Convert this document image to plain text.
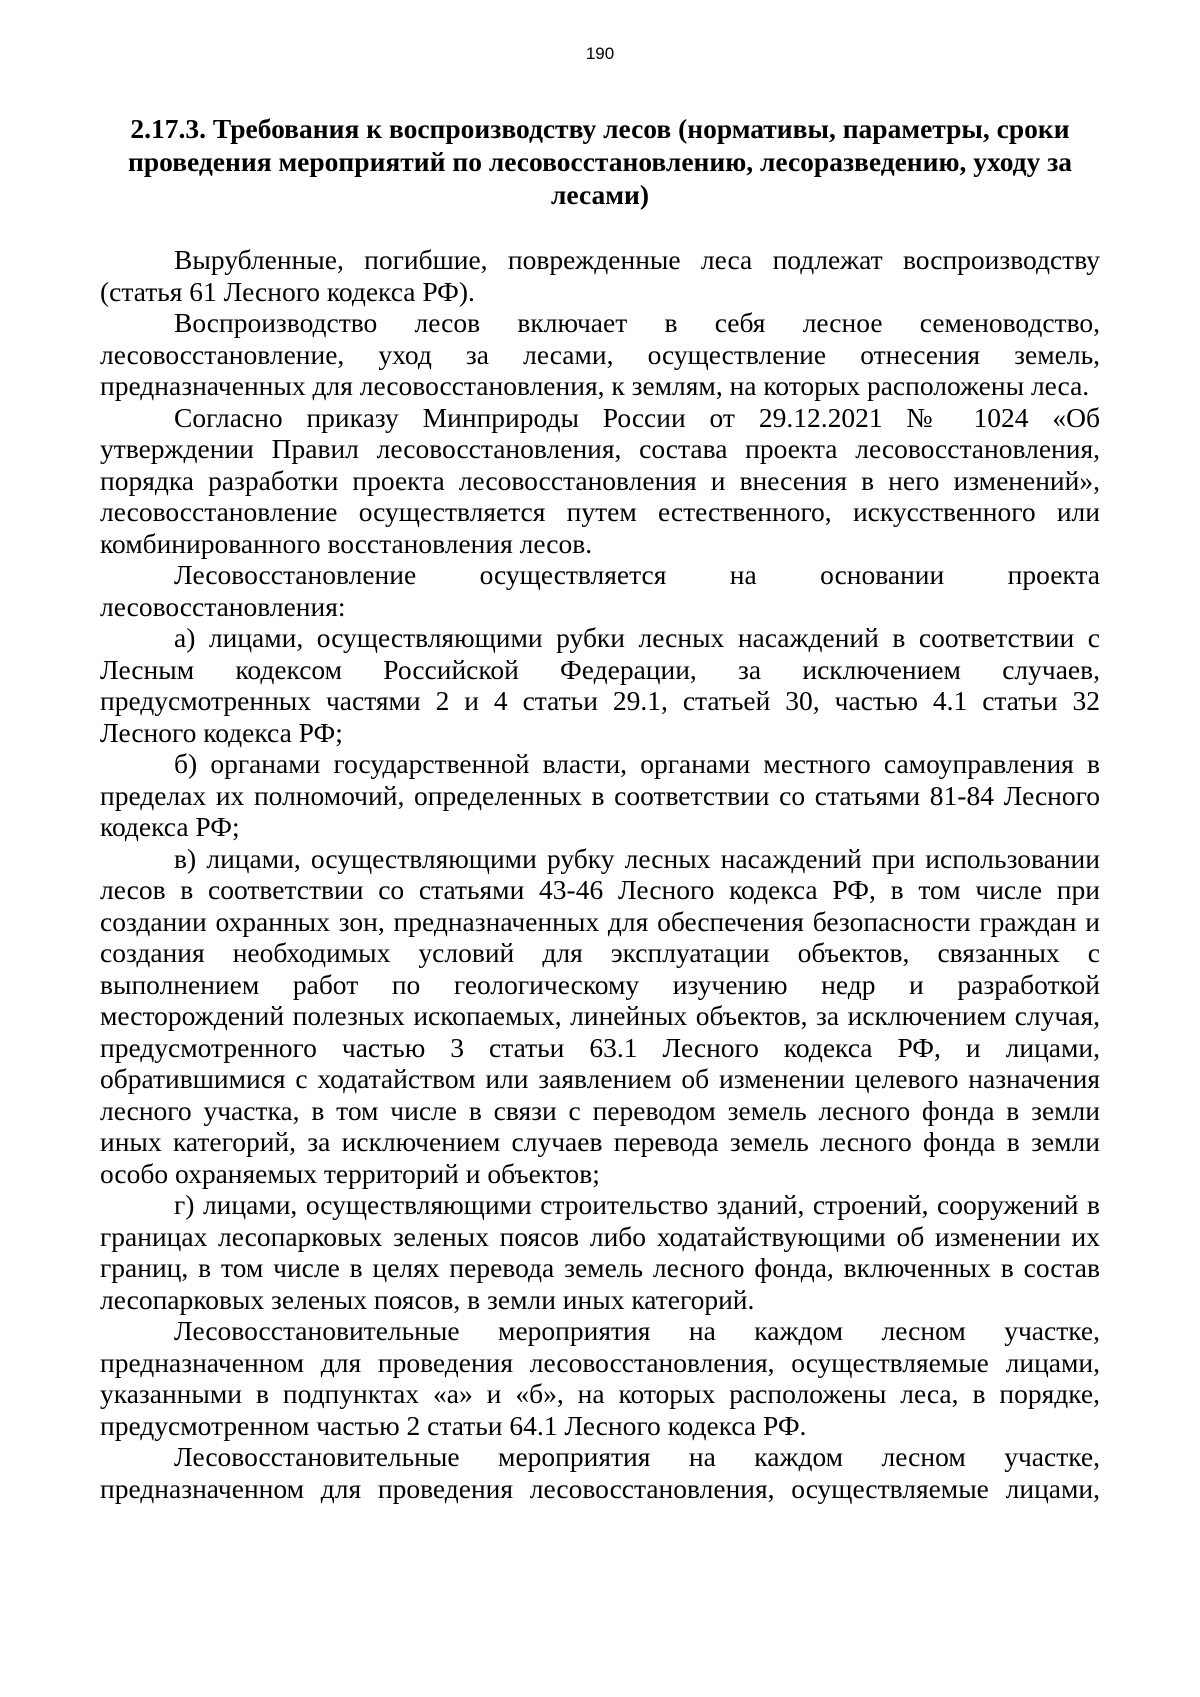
190
2.17.3. Требования к воспроизводству лесов (нормативы, параметры, сроки проведения мероприятий по лесовосстановлению, лесоразведению, уходу за лесами)

Вырубленные, погибшие, поврежденные леса подлежат воспроизводству (статья 61 Лесного кодекса РФ).

Воспроизводство лесов включает в себя лесное семеноводство, лесовосстановление, уход за лесами, осуществление отнесения земель, предназначенных для лесовосстановления, к землям, на которых расположены леса.

Согласно приказу Минприроды России от 29.12.2021 № 1024 «Об утверждении Правил лесовосстановления, состава проекта лесовосстановления, порядка разработки проекта лесовосстановления и внесения в него изменений», лесовосстановление осуществляется путем естественного, искусственного или комбинированного восстановления лесов.

Лесовосстановление осуществляется на основании проекта лесовосстановления:

а) лицами, осуществляющими рубки лесных насаждений в соответствии с Лесным кодексом Российской Федерации, за исключением случаев, предусмотренных частями 2 и 4 статьи 29.1, статьей 30, частью 4.1 статьи 32 Лесного кодекса РФ;

б) органами государственной власти, органами местного самоуправления в пределах их полномочий, определенных в соответствии со статьями 81-84 Лесного кодекса РФ;

в) лицами, осуществляющими рубку лесных насаждений при использовании лесов в соответствии со статьями 43-46 Лесного кодекса РФ, в том числе при создании охранных зон, предназначенных для обеспечения безопасности граждан и создания необходимых условий для эксплуатации объектов, связанных с выполнением работ по геологическому изучению недр и разработкой месторождений полезных ископаемых, линейных объектов, за исключением случая, предусмотренного частью 3 статьи 63.1 Лесного кодекса РФ, и лицами, обратившимися с ходатайством или заявлением об изменении целевого назначения лесного участка, в том числе в связи с переводом земель лесного фонда в земли иных категорий, за исключением случаев перевода земель лесного фонда в земли особо охраняемых территорий и объектов;

г) лицами, осуществляющими строительство зданий, строений, сооружений в границах лесопарковых зеленых поясов либо ходатайствующими об изменении их границ, в том числе в целях перевода земель лесного фонда, включенных в состав лесопарковых зеленых поясов, в земли иных категорий.

Лесовосстановительные мероприятия на каждом лесном участке, предназначенном для проведения лесовосстановления, осуществляемые лицами, указанными в подпунктах «а» и «б», на которых расположены леса, в порядке, предусмотренном частью 2 статьи 64.1 Лесного кодекса РФ.

Лесовосстановительные мероприятия на каждом лесном участке, предназначенном для проведения лесовосстановления, осуществляемые лицами,
